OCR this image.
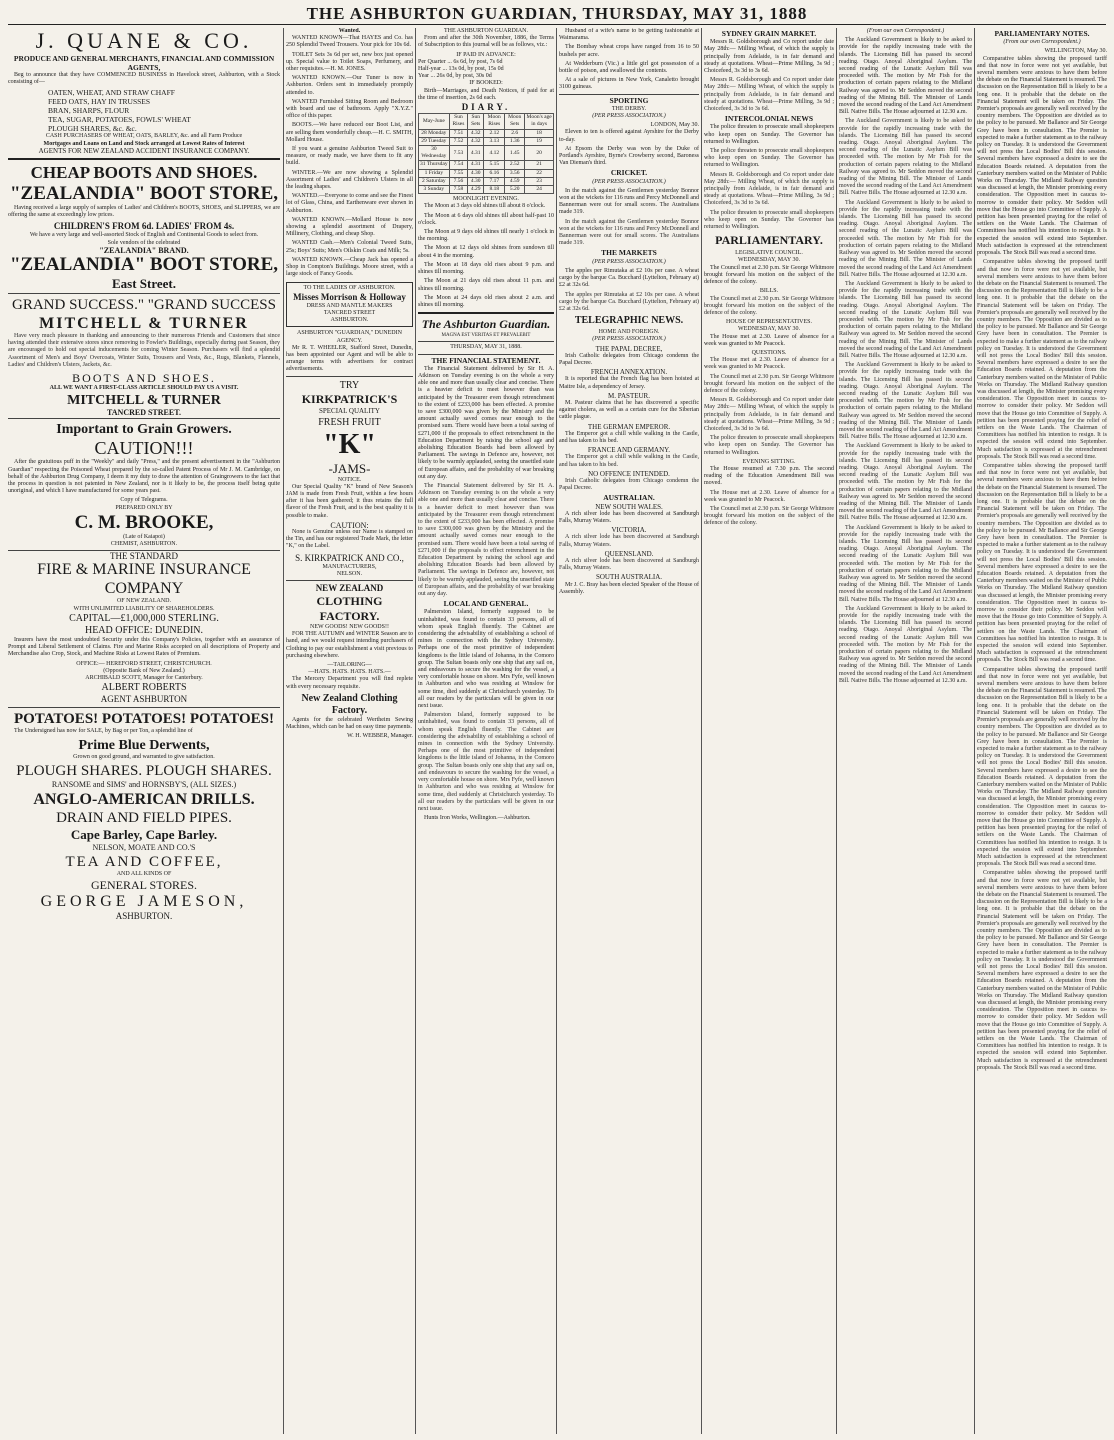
THE ASHBURTON GUARDIAN, THURSDAY, MAY 31, 1888
J. QUANE & CO.
PRODUCE AND GENERAL MERCHANTS, FINANCIAL AND COMMISSION AGENTS,

Beg to announce that they have COMMENCED BUSINESS in Havelock street, Ashburton, with a Stock consisting of—

OATEN, WHEAT, AND STRAW CHAFF
FEED OATS, HAY IN TRUSSES
BRAN, SHARPS, FLOUR
TEA, SUGAR, POTATOES, FOWLS' WHEAT
PLOUGH SHARES, &c. &c.
CASH PURCHASERS OF WHEAT, OATS, BARLEY, &c. and all Farm Produce
Mortgages and Loans on Land and Stock arranged at Lowest Rates of Interest
AGENTS FOR NEW ZEALAND ACCIDENT INSURANCE COMPANY.
CHEAP BOOTS AND SHOES.
"ZEALANDIA" BOOT STORE,

Having received a large supply of samples of Ladies' and Children's BOOTS, SHOES, and SLIPPERS, we are offering the same at exceedingly low prices.

CHILDREN'S FROM 6d. LADIES' FROM 4s.
We have a very large and well-assorted Stock of English and Continental Goods to select from.
Sole vendors of the celebrated
"ZEALANDIA" BRAND.
"ZEALANDIA" BOOT STORE,
East Street.
GRAND SUCCESS." "GRAND SUCCESS
MITCHELL & TURNER

Have very much pleasure in thanking and announcing to their numerous Friends and Customers that since having attended their extensive stores since removing to Fowler's Buildings, especially during past Season, they are encouraged to hold out special inducements for coming Winter Season. Purchasers will find a splendid Assortment of Men's and Boys' Overcoats, Winter Suits, Trousers and Vests, &c., Rugs, Blankets, Flannels, Ladies' and Children's Ulsters, Jackets, &c.

BOOTS AND SHOES.
ALL WE WANT A FIRST-CLASS ARTICLE SHOULD PAY US A VISIT.
MITCHELL & TURNER
TANCRED STREET.
Important to Grain Growers.
CAUTION!!!

After the gratuitous puff in the "Weekly" and daily "Press," and the present advertisement in the "Ashburton Guardian" respecting the Poisoned Wheat prepared by the so-called Patent Process of Mr J. M. Cambridge, on behalf of the Ashburton Drug Company, I deem it my duty to draw the attention of Graingrowers to the fact that the process in question is not patented in New Zealand, nor is it likely to be, the process itself being quite unoriginal, and which I have manufactured for some years past.

Copy of Telegrams.
PREPARED ONLY BY
C. M. BROOKE,
(Late of Kaiapoi)
CHEMIST, ASHBURTON.
THE STANDARD
FIRE & MARINE INSURANCE COMPANY
OF NEW ZEALAND.
WITH UNLIMITED LIABILITY OF SHAREHOLDERS.
CAPITAL—£1,000,000 STERLING.
HEAD OFFICE: DUNEDIN.

Insurers have the most undoubted Security under this Company's Policies, together with an assurance of Prompt and Liberal Settlement of Claims. Fire and Marine Risks accepted on all descriptions of Property and Merchandise also Crop, Stock, and Machine Risks at Lowest Rates of Premium.

OFFICE:— HEREFORD STREET, CHRISTCHURCH.
(Opposite Bank of New Zealand.)
ARCHIBALD SCOTT, Manager for Canterbury.
ALBERT ROBERTS
AGENT ASHBURTON
POTATOES! POTATOES! POTATOES!

The Undersigned has now for SALE, by Bag or per Ton, a splendid line of

Prime Blue Derwents,
Grown on good ground, and warranted to give satisfaction.
PLOUGH SHARES. PLOUGH SHARES.
RANSOME and SIMS' and HORNSBY'S, (ALL SIZES.)
ANGLO-AMERICAN DRILLS.
DRAIN AND FIELD PIPES.
Cape Barley, Cape Barley.
NELSON, MOATE AND CO.'S
TEA AND COFFEE,
AND ALL KINDS OF
GENERAL STORES.
GEORGE JAMESON,
ASHBURTON.
Wanted.

WANTED KNOWN—That HAYES and Co. has 250 Splendid Tweed Trousers. Your pick for 10s 6d.

TOILET Sets 3s 6d per set, new box just opened up. Special value to Toilet Soaps, Perfumery, and other requisites.—H. M. JONES.

WANTED KNOWN.—Our Tuner is now in Ashburton. Orders sent in immediately promptly attended to.

WANTED Furnished Sitting Room and Bedroom with board and use of bathroom. Apply "X.Y.Z." office of this paper.

BOOTS.—We have reduced our Boot List, and are selling them wonderfully cheap.—H. C. SMITH, Mollard House.

If you want a genuine Ashburton Tweed Suit to measure, or ready made, we have them to fit any build.

WINTER.—We are now showing a Splendid Assortment of Ladies' and Children's Ulsters in all the leading shapes.

WANTED.—Everyone to come and see the Finest lot of Glass, China, and Earthenware ever shown in Ashburton.

WANTED KNOWN.—Mollard House is now showing a splendid assortment of Drapery, Millinery, Clothing, and cheap Shop.

WANTED Cash.—Men's Colonial Tweed Suits, 25s; Boys' Suits; Men's Oilskin Coats and Milk; 5s.

WANTED KNOWN.—Cheap Jack has opened a Shop in Compton's Buildings. Moore street, with a large stock of Fancy Goods.

TO THE LADIES OF ASHBURTON.
Misses Morrison & Holloway
DRESS AND MANTLE MAKERS
TANCRED STREET
ASHBURTON.
ASHBURTON "GUARDIAN," DUNEDIN AGENCY.

Mr R. T. WHEELER, Stafford Street, Dunedin, has been appointed our Agent and will be able to arrange terms with advertisers for contract advertisements.

TRY
KIRKPATRICK'S
SPECIAL QUALITY
FRESH FRUIT
"K"
-JAMS-
NOTICE.

Our Special Quality "K" brand of New Season's JAM is made from Fresh Fruit, within a few hours after it has been gathered; it thus retains the full flavor of the Fresh Fruit, and is the best quality it is possible to make.

CAUTION:

None is Genuine unless our Name is stamped on the Tin, and has our registered Trade Mark, the letter "K," on the Label.

S. KIRKPATRICK AND CO.,
MANUFACTURERS,
NELSON.
NEW ZEALAND
CLOTHING FACTORY.
NEW GOODS! NEW GOODS!!

FOR THE AUTUMN and WINTER Season are to hand, and we would request intending purchasers of Clothing to pay our establishment a visit previous to purchasing elsewhere.

—TAILORING—
—HATS. HATS. HATS. HATS.—

The Mercery Department you will find replete with every necessary requisite.

New Zealand Clothing Factory.

Agents for the celebrated Wertheim Sewing Machines, which can be had on easy time payments.

W. H. WEBBER, Manager.
THE ASHBURTON GUARDIAN.

From and after the 30th November, 1886, the Terms of Subscription to this journal will be as follows, viz.:

IF PAID IN ADVANCE:
Per Quarter ... 6s 6d, by post, 7s 6d
Half-year ... 13s 0d, by post, 15s 0d
Year ... 26s 0d, by post, 30s 0d
IF BOOKED:

Birth—Marriages, and Death Notices, if paid for at the time of insertion, 2s 6d each.

DIARY.
May-June	Sun Rises	Sun Sets	Moon Rises	Moon Sets	Moon's age in days
28 Monday	7.51	4.32	2.12	2.6	18
29 Tuesday	7.52	4.32	3.13	1.36	19
30 Wednesday	7.53	4.31	4.12	1.45	20
31 Thursday	7.54	4.31	5.15	2.52	21
1 Friday	7.55	4.30	6.16	3.56	22
2 Saturday	7.56	4.30	7.17	4.59	23
3 Sunday	7.58	4.29	8.18	5.20	24
MOONLIGHT EVENING.

The Moon at 3 days old shines till about 8 o'clock.

The Moon at 6 days old shines till about half-past 10 o'clock.

The Moon at 9 days old shines till nearly 1 o'clock in the morning.

The Moon at 12 days old shines from sundown till about 4 in the morning.

The Moon at 18 days old rises about 9 p.m. and shines till morning.

The Moon at 21 days old rises about 11 p.m. and shines till morning.

The Moon at 24 days old rises about 2 a.m. and shines till morning.

The Ashburton Guardian.
MAGNA EST VERITAS ET PREVALEBIT
THURSDAY, MAY 31, 1888.
THE FINANCIAL STATEMENT.

The Financial Statement delivered by Sir H. A. Atkinson on Tuesday evening is on the whole a very able one and more than usually clear and concise. There is a heavier deficit to meet however than was anticipated by the Treasurer even though retrenchment to the extent of £233,000 has been effected. A promise to save £300,000 was given by the Ministry and the amount actually saved comes near enough to the promised sum. There would have been a total saving of £271,000 if the proposals to effect retrenchment in the Education Department by raising the school age and abolishing Education Boards had been allowed by Parliament. The savings in Defence are, however, not likely to be warmly applauded, seeing the unsettled state of European affairs, and the probability of war breaking out any day.

The Financial Statement delivered by Sir H. A. Atkinson on Tuesday evening is on the whole a very able one and more than usually clear and concise. There is a heavier deficit to meet however than was anticipated by the Treasurer even though retrenchment to the extent of £233,000 has been effected. A promise to save £300,000 was given by the Ministry and the amount actually saved comes near enough to the promised sum. There would have been a total saving of £271,000 if the proposals to effect retrenchment in the Education Department by raising the school age and abolishing Education Boards had been allowed by Parliament. The savings in Defence are, however, not likely to be warmly applauded, seeing the unsettled state of European affairs, and the probability of war breaking out any day.

LOCAL AND GENERAL.

Palmerston Island, formerly supposed to be uninhabited, was found to contain 33 persons, all of whom speak English fluently. The Cabinet are considering the advisability of establishing a school of mines in connection with the Sydney University. Perhaps one of the most primitive of independent kingdoms is the little island of Johanna, in the Comoro group. The Sultan boasts only one ship that any sail on, and endeavours to secure the washing for the vessel, a very comfortable house on shore. Mrs Fyfe, well known in Ashburton and who was residing at Winslow for some time, died suddenly at Christchurch yesterday. To all our readers by the particulars will be given in our next issue.

Palmerston Island, formerly supposed to be uninhabited, was found to contain 33 persons, all of whom speak English fluently. The Cabinet are considering the advisability of establishing a school of mines in connection with the Sydney University. Perhaps one of the most primitive of independent kingdoms is the little island of Johanna, in the Comoro group. The Sultan boasts only one ship that any sail on, and endeavours to secure the washing for the vessel, a very comfortable house on shore. Mrs Fyfe, well known in Ashburton and who was residing at Winslow for some time, died suddenly at Christchurch yesterday. To all our readers by the particulars will be given in our next issue.

Hunts Iron Works, Wellington.—Ashburton.

Husband of a wife's name to be getting fashionable at Waimarama.

The Bombay wheat crops have ranged from 16 to 50 bushels per acre.

At Wedderburn (Vic.) a little girl got possession of a bottle of poison, and swallowed the contents.

At a sale of pictures in New York, Canaletto brought 3100 guineas.

SPORTING
THE DERBY.
(PER PRESS ASSOCIATION.)
LONDON, May 30.

Eleven to ten is offered against Ayrshire for the Derby to-day.

At Epsom the Derby was won by the Duke of Portland's Ayrshire, Byrne's Crowberry second, Baroness Van Dieman's third.

CRICKET.
(PER PRESS ASSOCIATION.)

In the match against the Gentlemen yesterday Bonnor won at the wickets for 116 runs and Percy McDonnell and Bannerman were out for small scores. The Australians made 319.

In the match against the Gentlemen yesterday Bonnor won at the wickets for 116 runs and Percy McDonnell and Bannerman were out for small scores. The Australians made 319.

THE MARKETS
(PER PRESS ASSOCIATION.)

The apples per Rimutaka at £2 10s per case. A wheat cargo by the barque Ca. Bucchard (Lyttelton, February at) £2 at 32s 6d.

The apples per Rimutaka at £2 10s per case. A wheat cargo by the barque Ca. Bucchard (Lyttelton, February at) £2 at 32s 6d.

TELEGRAPHIC NEWS.
HOME AND FOREIGN.
(PER PRESS ASSOCIATION.)
THE PAPAL DECREE,

Irish Catholic delegates from Chicago condemn the Papal Decree.

FRENCH ANNEXATION.

It is reported that the French flag has been hoisted at Maitre Isle, a dependency of Jersey.

M. PASTEUR.

M. Pasteur claims that he has discovered a specific against cholera, as well as a certain cure for the Siberian cattle plague.

THE GERMAN EMPEROR.

The Emperor got a chill while walking in the Castle, and has taken to his bed.

FRANCE AND GERMANY.

The Emperor got a chill while walking in the Castle, and has taken to his bed.

NO OFFENCE INTENDED.

Irish Catholic delegates from Chicago condemn the Papal Decree.

AUSTRALIAN.
NEW SOUTH WALES.

A rich silver lode has been discovered at Sandburgh Falls, Murray Waters.

VICTORIA.

A rich silver lode has been discovered at Sandburgh Falls, Murray Waters.

QUEENSLAND.

A rich silver lode has been discovered at Sandburgh Falls, Murray Waters.

SOUTH AUSTRALIA.

Mr J. C. Bray has been elected Speaker of the House of Assembly.

SYDNEY GRAIN MARKET.

Messrs R. Goldsborough and Co report under date May 28th:— Milling Wheat, of which the supply is principally from Adelaide, is in fair demand and steady at quotations. Wheat—Prime Milling, 3s 9d ; Choicefeed, 3s 3d to 3s 6d.

Messrs R. Goldsborough and Co report under date May 28th:— Milling Wheat, of which the supply is principally from Adelaide, is in fair demand and steady at quotations. Wheat—Prime Milling, 3s 9d ; Choicefeed, 3s 3d to 3s 6d.

INTERCOLONIAL NEWS

The police threaten to prosecute small shopkeepers who keep open on Sunday. The Governor has returned to Wellington.

The police threaten to prosecute small shopkeepers who keep open on Sunday. The Governor has returned to Wellington.

Messrs R. Goldsborough and Co report under date May 28th:— Milling Wheat, of which the supply is principally from Adelaide, is in fair demand and steady at quotations. Wheat—Prime Milling, 3s 9d ; Choicefeed, 3s 3d to 3s 6d.

The police threaten to prosecute small shopkeepers who keep open on Sunday. The Governor has returned to Wellington.

PARLIAMENTARY.
LEGISLATIVE COUNCIL.
WEDNESDAY, MAY 30.

The Council met at 2.30 p.m. Sir George Whitmore brought forward his motion on the subject of the defence of the colony.

BILLS.

The Council met at 2.30 p.m. Sir George Whitmore brought forward his motion on the subject of the defence of the colony.

HOUSE OF REPRESENTATIVES.
WEDNESDAY, MAY 30.

The House met at 2.30. Leave of absence for a week was granted to Mr Peacock.

QUESTIONS.

The House met at 2.30. Leave of absence for a week was granted to Mr Peacock.

The Council met at 2.30 p.m. Sir George Whitmore brought forward his motion on the subject of the defence of the colony.

Messrs R. Goldsborough and Co report under date May 28th:— Milling Wheat, of which the supply is principally from Adelaide, is in fair demand and steady at quotations. Wheat—Prime Milling, 3s 9d ; Choicefeed, 3s 3d to 3s 6d.

The police threaten to prosecute small shopkeepers who keep open on Sunday. The Governor has returned to Wellington.

EVENING SITTING.

The House resumed at 7.30 p.m. The second reading of the Education Amendment Bill was moved.

The House met at 2.30. Leave of absence for a week was granted to Mr Peacock.

The Council met at 2.30 p.m. Sir George Whitmore brought forward his motion on the subject of the defence of the colony.

(From our own Correspondent.)

The Auckland Government is likely to be asked to provide for the rapidly increasing trade with the islands. The Licensing Bill has passed its second reading. Otago. Anoyal Aboriginal Asylum. The second reading of the Lunatic Asylum Bill was proceeded with. The motion by Mr Fish for the production of certain papers relating to the Midland Railway was agreed to. Mr Seddon moved the second reading of the Mining Bill. The Minister of Lands moved the second reading of the Land Act Amendment Bill. Native Bills. The House adjourned at 12.30 a.m.

The Auckland Government is likely to be asked to provide for the rapidly increasing trade with the islands. The Licensing Bill has passed its second reading. Otago. Anoyal Aboriginal Asylum. The second reading of the Lunatic Asylum Bill was proceeded with. The motion by Mr Fish for the production of certain papers relating to the Midland Railway was agreed to. Mr Seddon moved the second reading of the Mining Bill. The Minister of Lands moved the second reading of the Land Act Amendment Bill. Native Bills. The House adjourned at 12.30 a.m.

The Auckland Government is likely to be asked to provide for the rapidly increasing trade with the islands. The Licensing Bill has passed its second reading. Otago. Anoyal Aboriginal Asylum. The second reading of the Lunatic Asylum Bill was proceeded with. The motion by Mr Fish for the production of certain papers relating to the Midland Railway was agreed to. Mr Seddon moved the second reading of the Mining Bill. The Minister of Lands moved the second reading of the Land Act Amendment Bill. Native Bills. The House adjourned at 12.30 a.m.

The Auckland Government is likely to be asked to provide for the rapidly increasing trade with the islands. The Licensing Bill has passed its second reading. Otago. Anoyal Aboriginal Asylum. The second reading of the Lunatic Asylum Bill was proceeded with. The motion by Mr Fish for the production of certain papers relating to the Midland Railway was agreed to. Mr Seddon moved the second reading of the Mining Bill. The Minister of Lands moved the second reading of the Land Act Amendment Bill. Native Bills. The House adjourned at 12.30 a.m.

The Auckland Government is likely to be asked to provide for the rapidly increasing trade with the islands. The Licensing Bill has passed its second reading. Otago. Anoyal Aboriginal Asylum. The second reading of the Lunatic Asylum Bill was proceeded with. The motion by Mr Fish for the production of certain papers relating to the Midland Railway was agreed to. Mr Seddon moved the second reading of the Mining Bill. The Minister of Lands moved the second reading of the Land Act Amendment Bill. Native Bills. The House adjourned at 12.30 a.m.

The Auckland Government is likely to be asked to provide for the rapidly increasing trade with the islands. The Licensing Bill has passed its second reading. Otago. Anoyal Aboriginal Asylum. The second reading of the Lunatic Asylum Bill was proceeded with. The motion by Mr Fish for the production of certain papers relating to the Midland Railway was agreed to. Mr Seddon moved the second reading of the Mining Bill. The Minister of Lands moved the second reading of the Land Act Amendment Bill. Native Bills. The House adjourned at 12.30 a.m.

The Auckland Government is likely to be asked to provide for the rapidly increasing trade with the islands. The Licensing Bill has passed its second reading. Otago. Anoyal Aboriginal Asylum. The second reading of the Lunatic Asylum Bill was proceeded with. The motion by Mr Fish for the production of certain papers relating to the Midland Railway was agreed to. Mr Seddon moved the second reading of the Mining Bill. The Minister of Lands moved the second reading of the Land Act Amendment Bill. Native Bills. The House adjourned at 12.30 a.m.

The Auckland Government is likely to be asked to provide for the rapidly increasing trade with the islands. The Licensing Bill has passed its second reading. Otago. Anoyal Aboriginal Asylum. The second reading of the Lunatic Asylum Bill was proceeded with. The motion by Mr Fish for the production of certain papers relating to the Midland Railway was agreed to. Mr Seddon moved the second reading of the Mining Bill. The Minister of Lands moved the second reading of the Land Act Amendment Bill. Native Bills. The House adjourned at 12.30 a.m.

PARLIAMENTARY NOTES.
(From our own Correspondent.)
WELLINGTON, May 30.

Comparative tables showing the proposed tariff and that now in force were not yet available, but several members were anxious to have them before the debate on the Financial Statement is resumed. The discussion on the Representation Bill is likely to be a long one. It is probable that the debate on the Financial Statement will be taken on Friday. The Premier's proposals are generally well received by the country members. The Opposition are divided as to the policy to be pursued. Mr Ballance and Sir George Grey have been in consultation. The Premier is expected to make a further statement as to the railway policy on Tuesday. It is understood the Government will not press the Local Bodies' Bill this session. Several members have expressed a desire to see the Education Boards retained. A deputation from the Canterbury members waited on the Minister of Public Works on Thursday. The Midland Railway question was discussed at length, the Minister promising every consideration. The Opposition meet in caucus to-morrow to consider their policy. Mr Seddon will move that the House go into Committee of Supply. A petition has been presented praying for the relief of settlers on the Waste Lands. The Chairman of Committees has notified his intention to resign. It is expected the session will extend into September. Much satisfaction is expressed at the retrenchment proposals. The Stock Bill was read a second time.

Comparative tables showing the proposed tariff and that now in force were not yet available, but several members were anxious to have them before the debate on the Financial Statement is resumed. The discussion on the Representation Bill is likely to be a long one. It is probable that the debate on the Financial Statement will be taken on Friday. The Premier's proposals are generally well received by the country members. The Opposition are divided as to the policy to be pursued. Mr Ballance and Sir George Grey have been in consultation. The Premier is expected to make a further statement as to the railway policy on Tuesday. It is understood the Government will not press the Local Bodies' Bill this session. Several members have expressed a desire to see the Education Boards retained. A deputation from the Canterbury members waited on the Minister of Public Works on Thursday. The Midland Railway question was discussed at length, the Minister promising every consideration. The Opposition meet in caucus to-morrow to consider their policy. Mr Seddon will move that the House go into Committee of Supply. A petition has been presented praying for the relief of settlers on the Waste Lands. The Chairman of Committees has notified his intention to resign. It is expected the session will extend into September. Much satisfaction is expressed at the retrenchment proposals. The Stock Bill was read a second time.

Comparative tables showing the proposed tariff and that now in force were not yet available, but several members were anxious to have them before the debate on the Financial Statement is resumed. The discussion on the Representation Bill is likely to be a long one. It is probable that the debate on the Financial Statement will be taken on Friday. The Premier's proposals are generally well received by the country members. The Opposition are divided as to the policy to be pursued. Mr Ballance and Sir George Grey have been in consultation. The Premier is expected to make a further statement as to the railway policy on Tuesday. It is understood the Government will not press the Local Bodies' Bill this session. Several members have expressed a desire to see the Education Boards retained. A deputation from the Canterbury members waited on the Minister of Public Works on Thursday. The Midland Railway question was discussed at length, the Minister promising every consideration. The Opposition meet in caucus to-morrow to consider their policy. Mr Seddon will move that the House go into Committee of Supply. A petition has been presented praying for the relief of settlers on the Waste Lands. The Chairman of Committees has notified his intention to resign. It is expected the session will extend into September. Much satisfaction is expressed at the retrenchment proposals. The Stock Bill was read a second time.

Comparative tables showing the proposed tariff and that now in force were not yet available, but several members were anxious to have them before the debate on the Financial Statement is resumed. The discussion on the Representation Bill is likely to be a long one. It is probable that the debate on the Financial Statement will be taken on Friday. The Premier's proposals are generally well received by the country members. The Opposition are divided as to the policy to be pursued. Mr Ballance and Sir George Grey have been in consultation. The Premier is expected to make a further statement as to the railway policy on Tuesday. It is understood the Government will not press the Local Bodies' Bill this session. Several members have expressed a desire to see the Education Boards retained. A deputation from the Canterbury members waited on the Minister of Public Works on Thursday. The Midland Railway question was discussed at length, the Minister promising every consideration. The Opposition meet in caucus to-morrow to consider their policy. Mr Seddon will move that the House go into Committee of Supply. A petition has been presented praying for the relief of settlers on the Waste Lands. The Chairman of Committees has notified his intention to resign. It is expected the session will extend into September. Much satisfaction is expressed at the retrenchment proposals. The Stock Bill was read a second time.

Comparative tables showing the proposed tariff and that now in force were not yet available, but several members were anxious to have them before the debate on the Financial Statement is resumed. The discussion on the Representation Bill is likely to be a long one. It is probable that the debate on the Financial Statement will be taken on Friday. The Premier's proposals are generally well received by the country members. The Opposition are divided as to the policy to be pursued. Mr Ballance and Sir George Grey have been in consultation. The Premier is expected to make a further statement as to the railway policy on Tuesday. It is understood the Government will not press the Local Bodies' Bill this session. Several members have expressed a desire to see the Education Boards retained. A deputation from the Canterbury members waited on the Minister of Public Works on Thursday. The Midland Railway question was discussed at length, the Minister promising every consideration. The Opposition meet in caucus to-morrow to consider their policy. Mr Seddon will move that the House go into Committee of Supply. A petition has been presented praying for the relief of settlers on the Waste Lands. The Chairman of Committees has notified his intention to resign. It is expected the session will extend into September. Much satisfaction is expressed at the retrenchment proposals. The Stock Bill was read a second time.
